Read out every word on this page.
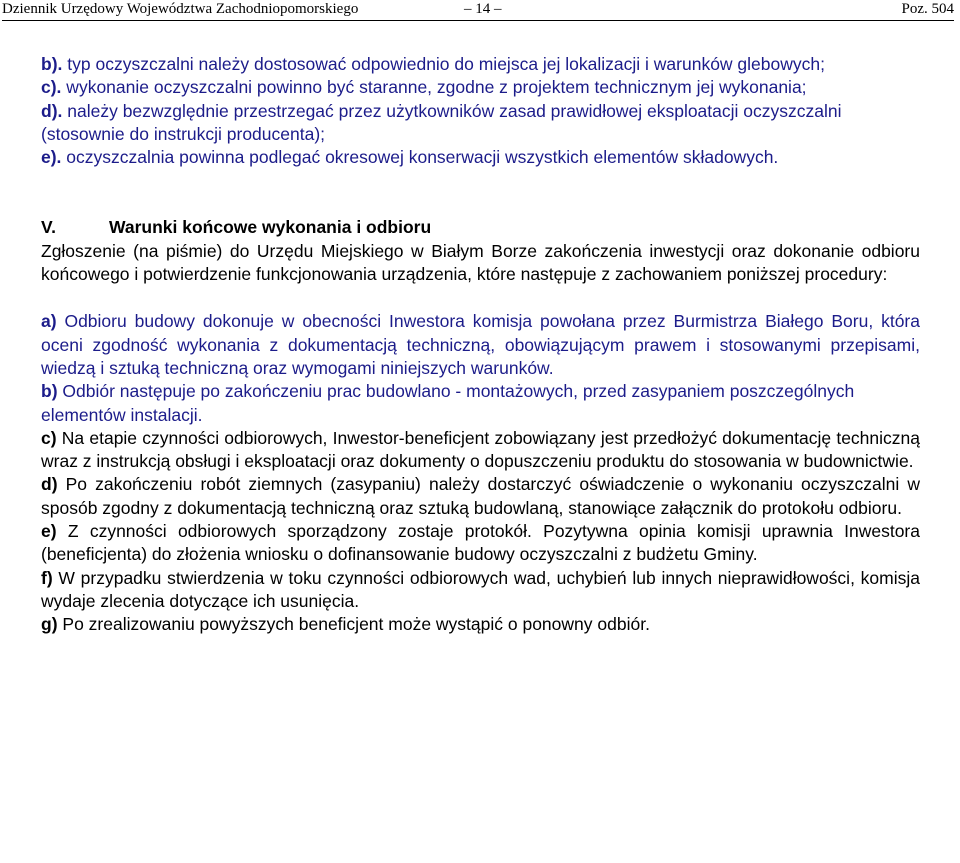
Dziennik Urzędowy Województwa Zachodniopomorskiego	– 14 –	Poz. 504

b). typ oczyszczalni należy dostosować odpowiednio do miejsca jej lokalizacji i warunków glebowych;

c). wykonanie oczyszczalni powinno być staranne, zgodne z projektem technicznym jej wykonania;

d). należy bezwzględnie przestrzegać przez użytkowników zasad prawidłowej eksploatacji oczyszczalni (stosownie do instrukcji producenta);

e). oczyszczalnia powinna podlegać okresowej konserwacji wszystkich elementów składowych.

V.	Warunki końcowe wykonania i odbioru

Zgłoszenie (na piśmie) do Urzędu Miejskiego w Białym Borze zakończenia inwestycji oraz dokonanie odbioru końcowego i potwierdzenie funkcjonowania urządzenia, które następuje z zachowaniem poniższej procedury:

a) Odbioru budowy dokonuje w obecności Inwestora komisja powołana przez Burmistrza Białego Boru, która oceni zgodność wykonania z dokumentacją techniczną, obowiązującym prawem i stosowanymi przepisami, wiedzą i sztuką techniczną oraz wymogami niniejszych warunków.

b) Odbiór następuje po zakończeniu prac budowlano - montażowych, przed zasypaniem poszczególnych elementów instalacji.

c) Na etapie czynności odbiorowych, Inwestor-beneficjent zobowiązany jest przedłożyć dokumentację techniczną wraz z instrukcją obsługi i eksploatacji oraz dokumenty o dopuszczeniu produktu do stosowania w budownictwie.

d) Po zakończeniu robót ziemnych (zasypaniu) należy dostarczyć oświadczenie o wykonaniu oczyszczalni w sposób zgodny z dokumentacją techniczną oraz sztuką budowlaną, stanowiące załącznik do protokołu odbioru.

e) Z czynności odbiorowych sporządzony zostaje protokół. Pozytywna opinia komisji uprawnia Inwestora (beneficjenta) do złożenia wniosku o dofinansowanie budowy oczyszczalni z budżetu Gminy.

f) W przypadku stwierdzenia w toku czynności odbiorowych wad, uchybień lub innych nieprawidłowości, komisja wydaje zlecenia dotyczące ich usunięcia.

g) Po zrealizowaniu powyższych beneficjent może wystąpić o ponowny odbiór.
